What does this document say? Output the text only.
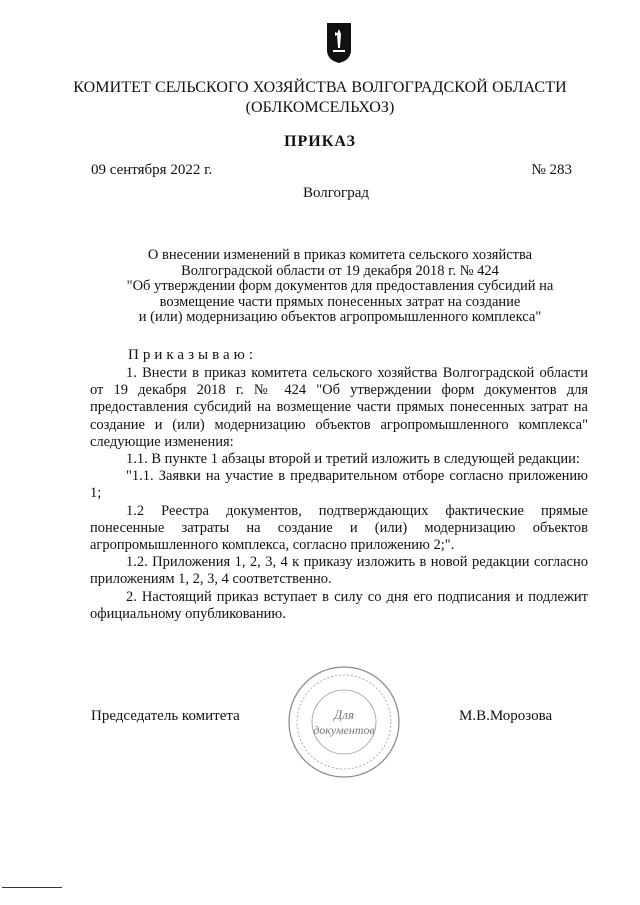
КОМИТЕТ СЕЛЬСКОГО ХОЗЯЙСТВА ВОЛГОГРАДСКОЙ ОБЛАСТИ
(ОБЛКОМСЕЛЬХОЗ)
ПРИКАЗ
09 сентября 2022 г.	№ 283
Волгоград
О внесении изменений в приказ комитета сельского хозяйства
Волгоградской области от 19 декабря 2018 г. № 424
"Об утверждении форм документов для предоставления субсидий на
возмещение части прямых понесенных затрат на создание
и (или) модернизацию объектов агропромышленного комплекса"
Приказываю:

1. Внести в приказ комитета сельского хозяйства Волгоградской области от 19 декабря 2018 г. № 424 "Об утверждении форм документов для предоставления субсидий на возмещение части прямых понесенных затрат на создание и (или) модернизацию объектов агропромышленного комплекса" следующие изменения:

1.1. В пункте 1 абзацы второй и третий изложить в следующей редакции:

"1.1. Заявки на участие в предварительном отборе согласно приложению 1;

1.2 Реестра документов, подтверждающих фактические прямые понесенные затраты на создание и (или) модернизацию объектов агропромышленного комплекса, согласно приложению 2;".

1.2. Приложения 1, 2, 3, 4 к приказу изложить в новой редакции согласно приложениям 1, 2, 3, 4 соответственно.

2. Настоящий приказ вступает в силу со дня его подписания и подлежит официальному опубликованию.

Председатель комитета	Для
документов
М.В.Морозова
